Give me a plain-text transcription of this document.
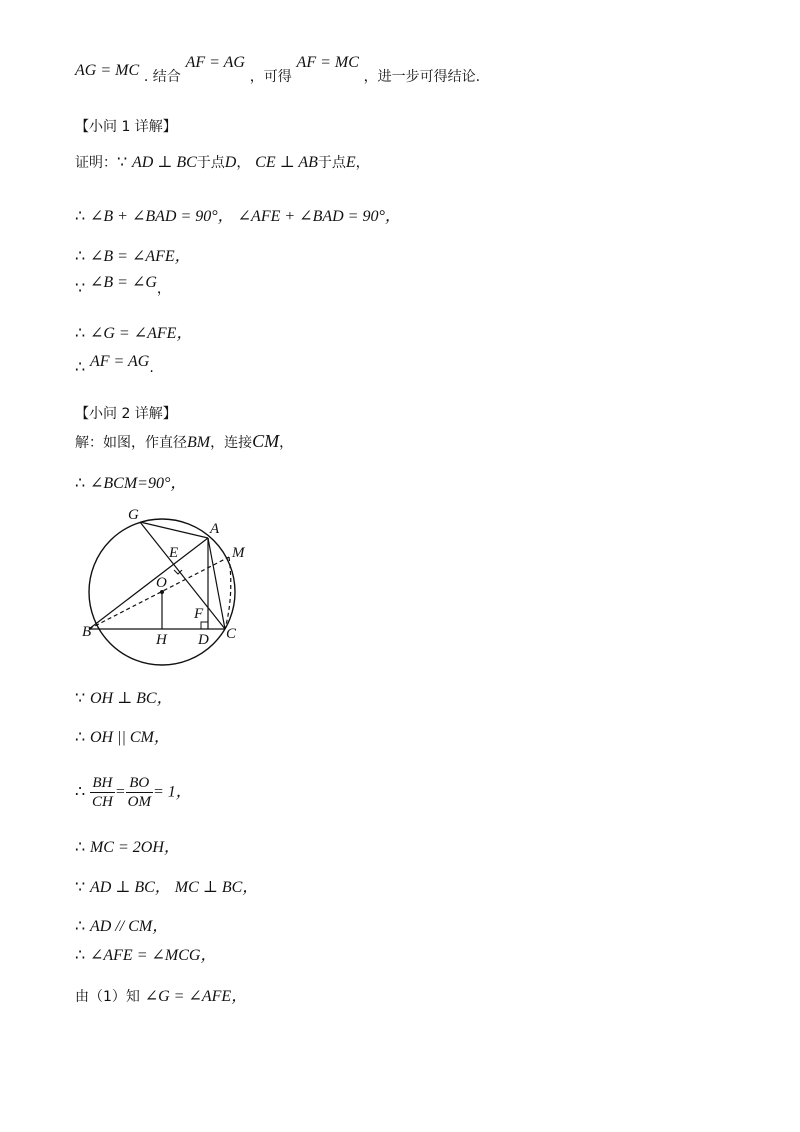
AG = MC . 结合 AF = AG ，可得 AF = MC ，进一步可得结论.
【小问 1 详解】
证明：∵ AD ⊥ BC于点D， CE ⊥ AB于点E，
∴ ∠B + ∠BAD = 90°， ∠AFE + ∠BAD = 90°，
∴ ∠B = ∠AFE，
∵ ∠B = ∠G，
∴ ∠G = ∠AFE，
∴ AF = AG.
【小问 2 详解】
解：如图，作直径BM，连接CM，
∴ ∠BCM=90°，
G
A
E	M
O
F
B	H D C
∵ OH ⊥ BC，
∴ OH || CM，
∴ $\frac{BH}{CH} = \frac{BO}{OM} = 1$，
∴ MC = 2OH，
∵ AD ⊥ BC， MC ⊥ BC，
∴ AD // CM，
∴ ∠AFE = ∠MCG，
由（1）知 ∠G = ∠AFE，
